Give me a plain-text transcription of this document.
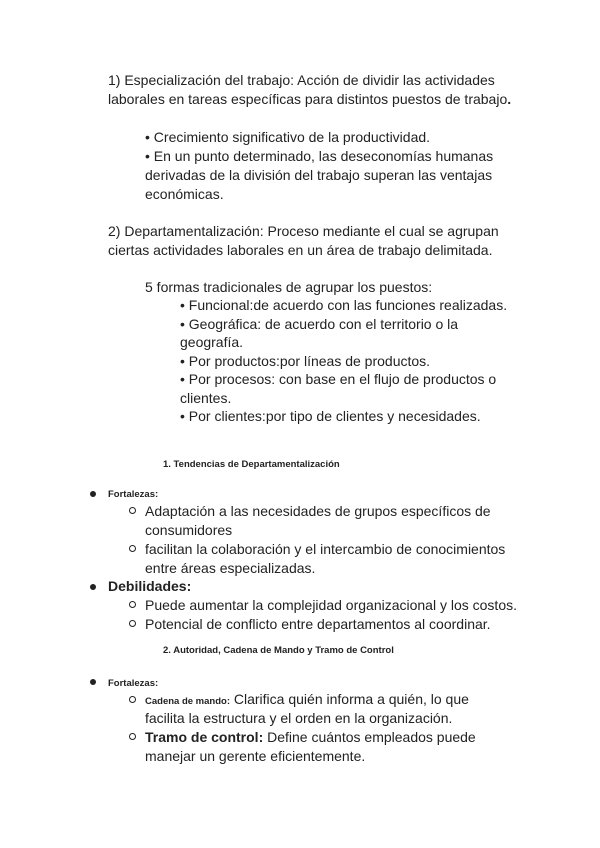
1) Especialización del trabajo: Acción de dividir las actividades

laborales en tareas específicas para distintos puestos de trabajo.

• Crecimiento significativo de la productividad.

• En un punto determinado, las deseconomías humanas

derivadas de la división del trabajo superan las ventajas

económicas.

2) Departamentalización: Proceso mediante el cual se agrupan

ciertas actividades laborales en un área de trabajo delimitada.

5 formas tradicionales de agrupar los puestos:

• Funcional:de acuerdo con las funciones realizadas.

• Geográfica: de acuerdo con el territorio o la

geografía.

• Por productos:por líneas de productos.

• Por procesos: con base en el flujo de productos o

clientes.

• Por clientes:por tipo de clientes y necesidades.

1. Tendencias de Departamentalización

Fortalezas:

Adaptación a las necesidades de grupos específicos de

consumidores

facilitan la colaboración y el intercambio de conocimientos

entre áreas especializadas.

Debilidades:

Puede aumentar la complejidad organizacional y los costos.

Potencial de conflicto entre departamentos al coordinar.

2. Autoridad, Cadena de Mando y Tramo de Control

Fortalezas:

Cadena de mando: Clarifica quién informa a quién, lo que

facilita la estructura y el orden en la organización.

Tramo de control: Define cuántos empleados puede

manejar un gerente eficientemente.
